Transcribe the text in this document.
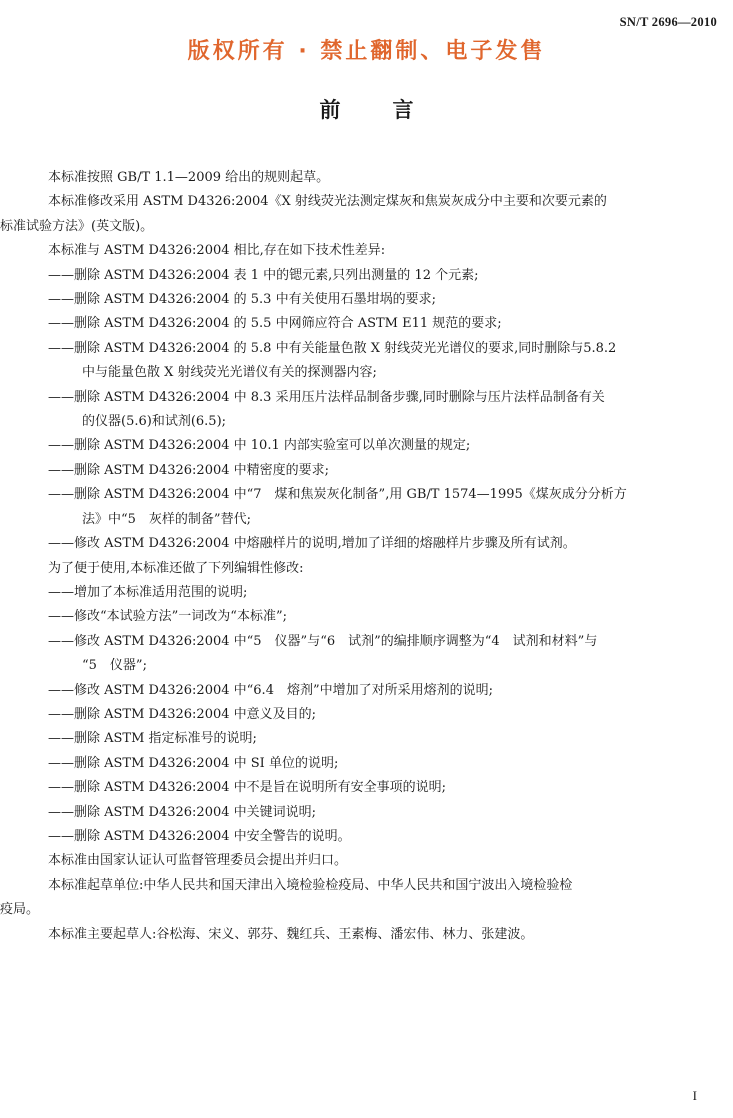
SN/T 2696—2010
版权所有 · 禁止翻制、电子发售
前 言

本标准按照 GB/T 1.1—2009 给出的规则起草。

本标准修改采用 ASTM D4326:2004《X 射线荧光法测定煤灰和焦炭灰成分中主要和次要元素的

标准试验方法》(英文版)。

本标准与 ASTM D4326:2004 相比,存在如下技术性差异:

——删除 ASTM D4326:2004 表 1 中的锶元素,只列出测量的 12 个元素;

——删除 ASTM D4326:2004 的 5.3 中有关使用石墨坩埚的要求;

——删除 ASTM D4326:2004 的 5.5 中网筛应符合 ASTM E11 规范的要求;

——删除 ASTM D4326:2004 的 5.8 中有关能量色散 X 射线荧光光谱仪的要求,同时删除与5.8.2

中与能量色散 X 射线荧光光谱仪有关的探测器内容;

——删除 ASTM D4326:2004 中 8.3 采用压片法样品制备步骤,同时删除与压片法样品制备有关

的仪器(5.6)和试剂(6.5);

——删除 ASTM D4326:2004 中 10.1 内部实验室可以单次测量的规定;

——删除 ASTM D4326:2004 中精密度的要求;

——删除 ASTM D4326:2004 中“7　煤和焦炭灰化制备”,用 GB/T 1574—1995《煤灰成分分析方

法》中“5　灰样的制备”替代;

——修改 ASTM D4326:2004 中熔融样片的说明,增加了详细的熔融样片步骤及所有试剂。

为了便于使用,本标准还做了下列编辑性修改:

——增加了本标准适用范围的说明;

——修改“本试验方法”一词改为“本标准”;

——修改 ASTM D4326:2004 中“5　仪器”与“6　试剂”的编排顺序调整为“4　试剂和材料”与

“5　仪器”;

——修改 ASTM D4326:2004 中“6.4　熔剂”中增加了对所采用熔剂的说明;

——删除 ASTM D4326:2004 中意义及目的;

——删除 ASTM 指定标准号的说明;

——删除 ASTM D4326:2004 中 SI 单位的说明;

——删除 ASTM D4326:2004 中不是旨在说明所有安全事项的说明;

——删除 ASTM D4326:2004 中关键词说明;

——删除 ASTM D4326:2004 中安全警告的说明。

本标准由国家认证认可监督管理委员会提出并归口。

本标准起草单位:中华人民共和国天津出入境检验检疫局、中华人民共和国宁波出入境检验检

疫局。

本标准主要起草人:谷松海、宋义、郭芬、魏红兵、王素梅、潘宏伟、林力、张建波。

I
